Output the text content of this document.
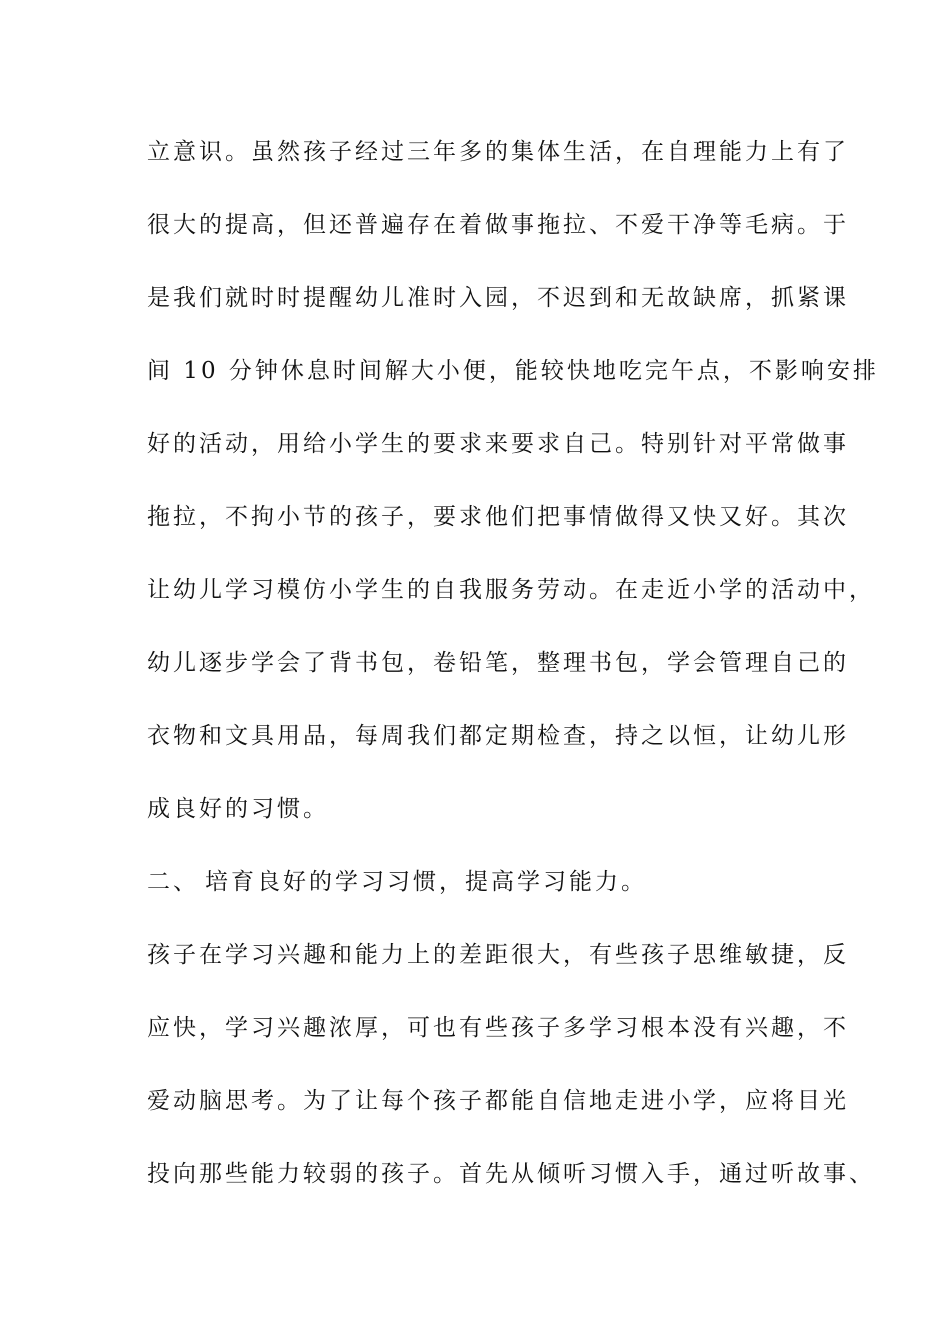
立意识。虽然孩子经过三年多的集体生活，在自理能力上有了
很大的提高，但还普遍存在着做事拖拉、不爱干净等毛病。于
是我们就时时提醒幼儿准时入园，不迟到和无故缺席，抓紧课
间 10 分钟休息时间解大小便，能较快地吃完午点，不影响安排
好的活动，用给小学生的要求来要求自己。特别针对平常做事
拖拉，不拘小节的孩子，要求他们把事情做得又快又好。其次
让幼儿学习模仿小学生的自我服务劳动。在走近小学的活动中，
幼儿逐步学会了背书包，卷铅笔，整理书包，学会管理自己的
衣物和文具用品，每周我们都定期检查，持之以恒，让幼儿形
成良好的习惯。
二、 培育良好的学习习惯，提高学习能力。
孩子在学习兴趣和能力上的差距很大，有些孩子思维敏捷，反
应快，学习兴趣浓厚，可也有些孩子多学习根本没有兴趣，不
爱动脑思考。为了让每个孩子都能自信地走进小学，应将目光
投向那些能力较弱的孩子。首先从倾听习惯入手，通过听故事、
